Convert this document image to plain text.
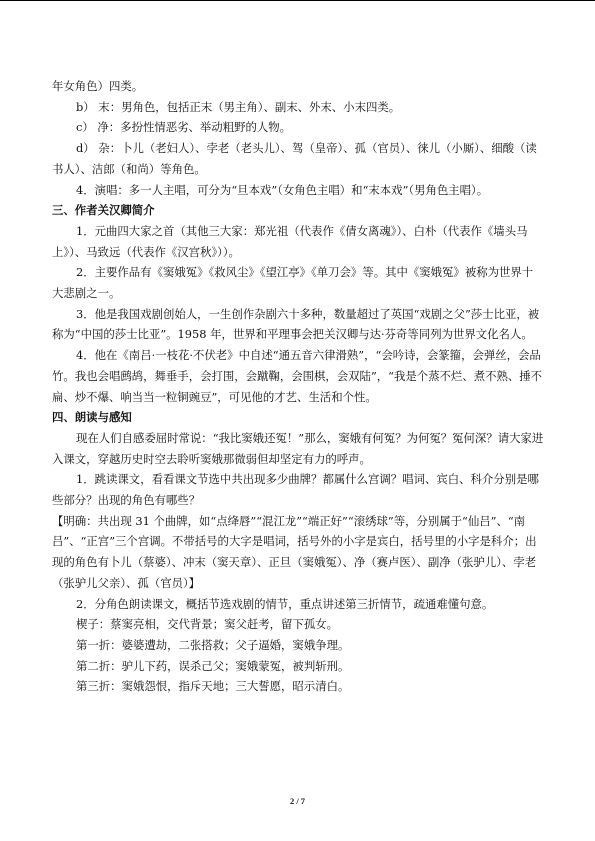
年女角色）四类。

b） 末：男角色，包括正末（男主角）、副末、外末、小末四类。

c） 净：多扮性情恶劣、举动粗野的人物。

d） 杂：卜儿（老妇人）、孛老（老头儿）、驾（皇帝）、孤（官员）、徕儿（小厮）、细酸（读书人）、洁郎（和尚）等角色。

4．演唱：多一人主唱，可分为“旦本戏”（女角色主唱）和“末本戏”（男角色主唱）。

三、作者关汉卿简介

1．元曲四大家之首（其他三大家：郑光祖（代表作《倩女离魂》）、白朴（代表作《墙头马上》）、马致远（代表作《汉宫秋》））。

2．主要作品有《窦娥冤》《救风尘》《望江亭》《单刀会》等。其中《窦娥冤》被称为世界十大悲剧之一。

3．他是我国戏剧创始人，一生创作杂剧六十多种，数量超过了英国“戏剧之父”莎士比亚，被称为“中国的莎士比亚”。1958 年，世界和平理事会把关汉卿与达·芬奇等同列为世界文化名人。

4．他在《南吕·一枝花·不伏老》中自述“通五音六律滑熟”，“会吟诗，会篆籀，会弹丝，会品竹。我也会唱鹧鸪，舞垂手，会打围，会蹴鞠，会围棋，会双陆”，“我是个蒸不烂、煮不熟、捶不扁、炒不爆、响当当一粒铜豌豆”，可见他的才艺、生活和个性。

四、朗读与感知

现在人们自感委屈时常说：“我比窦娥还冤！”那么，窦娥有何冤？为何冤？冤何深？请大家进入课文，穿越历史时空去聆听窦娥那微弱但却坚定有力的呼声。

1．跳读课文，看看课文节选中共出现多少曲牌？都属什么宫调？唱词、宾白、科介分别是哪些部分？出现的角色有哪些？

【明确：共出现 31 个曲牌，如“点绛唇”“混江龙”“端正好”“滚绣球”等，分别属于“仙吕”、“南吕”、“正宫”三个宫调。不带括号的大字是唱词，括号外的小字是宾白，括号里的小字是科介；出现的角色有卜儿（蔡婆）、冲末（窦天章）、正旦（窦娥冤）、净（赛卢医）、副净（张驴儿）、孛老（张驴儿父亲）、孤（官员）】

2．分角色朗读课文，概括节选戏剧的情节，重点讲述第三折情节，疏通难懂句意。

楔子：蔡窦亮相，交代背景；窦父赶考，留下孤女。

第一折：婆婆遭劫，二张搭救；父子逼婚，窦娥争理。

第二折：驴儿下药，误杀己父；窦娥蒙冤，被判斩刑。

第三折：窦娥怨恨，指斥天地；三大誓愿，昭示清白。

2 / 7
